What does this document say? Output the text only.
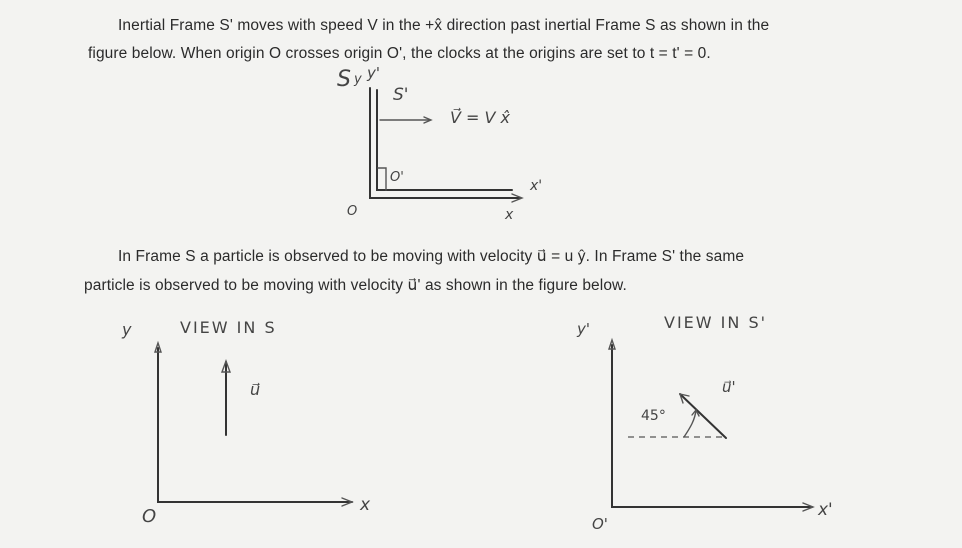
Inertial Frame S' moves with speed V in the +x̂ direction past inertial Frame S as shown in the
figure below. When origin O crosses origin O', the clocks at the origins are set to t = t' = 0.
S y y'
S'
V⃗ = V x̂
O'
x'
O	x
In Frame S a particle is observed to be moving with velocity u⃗ = u ŷ. In Frame S' the same
particle is observed to be moving with velocity u⃗' as shown in the figure below.
y	VIEW IN S
u⃗
O
x
y'	VIEW IN S'
u⃗'
45°
O'
x'
